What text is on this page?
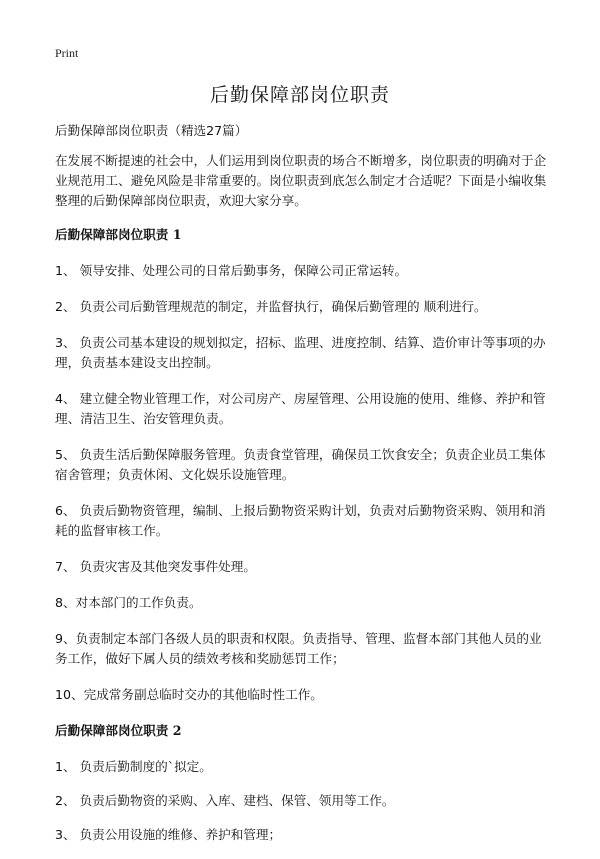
Print
后勤保障部岗位职责

后勤保障部岗位职责（精选27篇）

在发展不断提速的社会中，人们运用到岗位职责的场合不断增多，岗位职责的明确对于企业规范用工、避免风险是非常重要的。岗位职责到底怎么制定才合适呢？下面是小编收集整理的后勤保障部岗位职责，欢迎大家分享。

后勤保障部岗位职责 1

1、 领导安排、处理公司的日常后勤事务，保障公司正常运转。

2、 负责公司后勤管理规范的制定，并监督执行，确保后勤管理的 顺利进行。

3、 负责公司基本建设的规划拟定，招标、监理、进度控制、结算、造价审计等事项的办理，负责基本建设支出控制。

4、 建立健全物业管理工作，对公司房产、房屋管理、公用设施的使用、维修、养护和管理、清洁卫生、治安管理负责。

5、 负责生活后勤保障服务管理。负责食堂管理，确保员工饮食安全；负责企业员工集体宿舍管理；负责休闲、文化娱乐设施管理。

6、 负责后勤物资管理，编制、上报后勤物资采购计划，负责对后勤物资采购、领用和消耗的监督审核工作。

7、 负责灾害及其他突发事件处理。

8、对本部门的工作负责。

9、负责制定本部门各级人员的职责和权限。负责指导、管理、监督本部门其他人员的业务工作，做好下属人员的绩效考核和奖励惩罚工作；

10、完成常务副总临时交办的其他临时性工作。

后勤保障部岗位职责 2

1、 负责后勤制度的`拟定。

2、 负责后勤物资的采购、入库、建档、保管、领用等工作。

3、 负责公用设施的维修、养护和管理；
